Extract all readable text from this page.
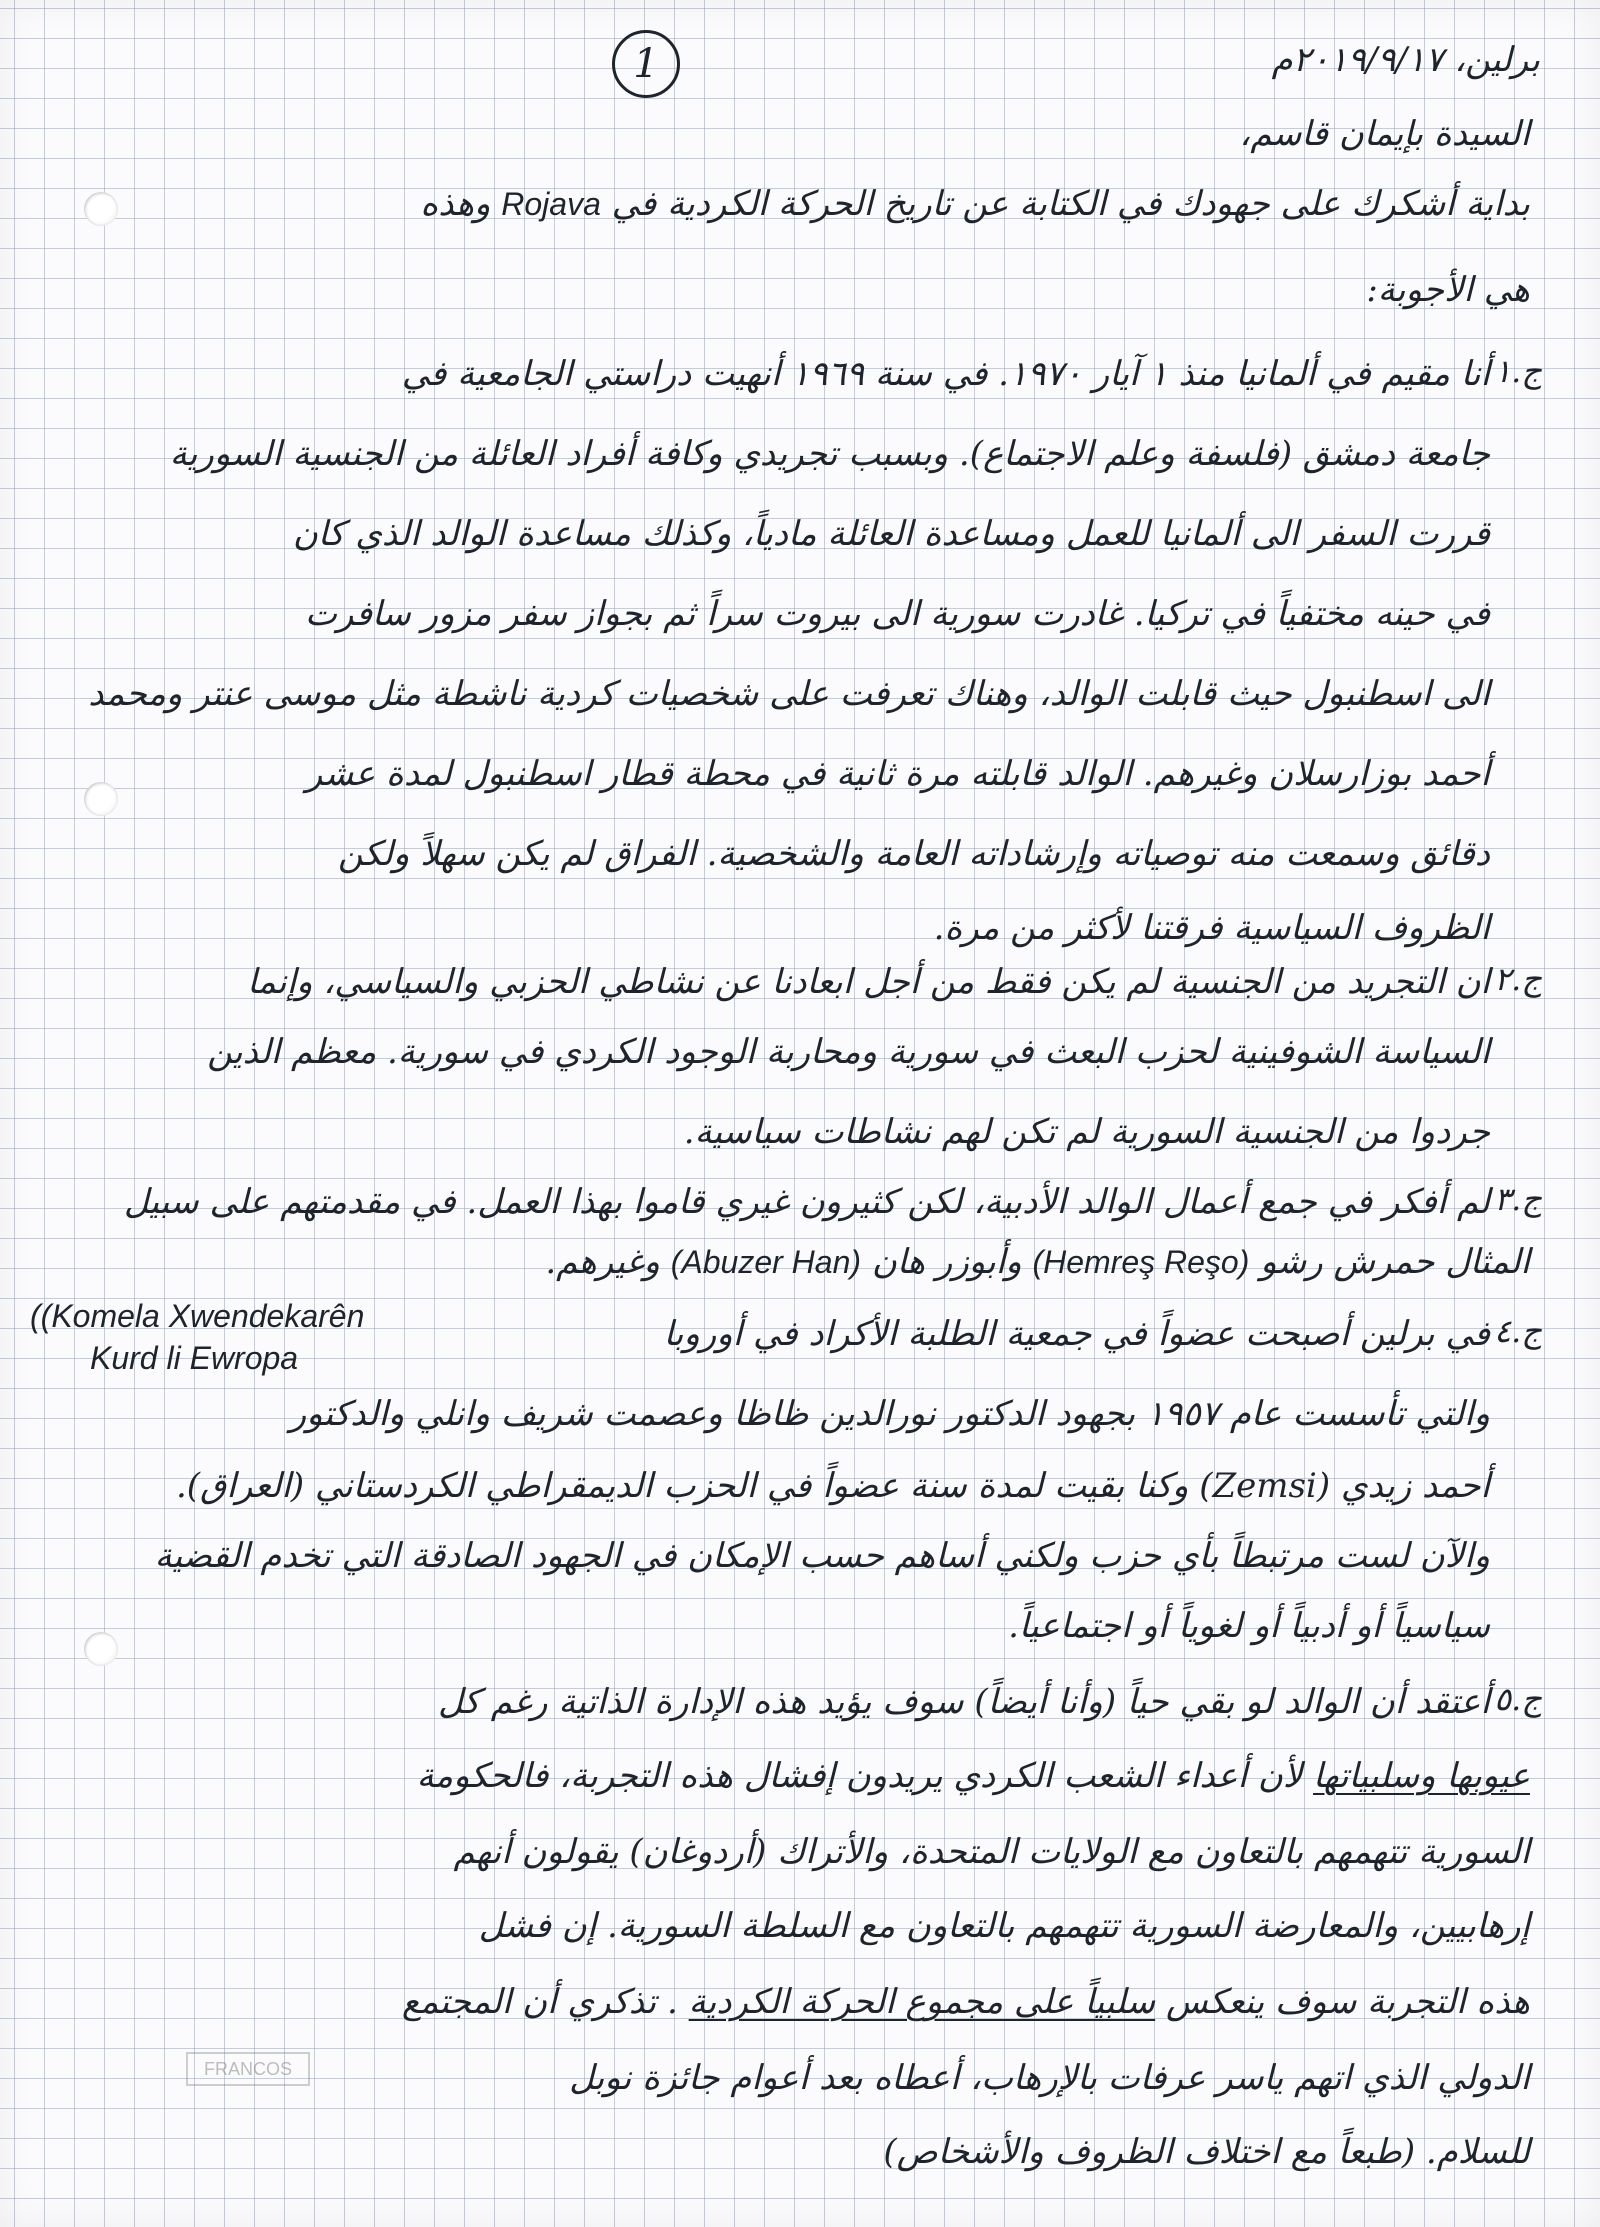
1	برلين، ٢٠١٩/٩/١٧م
السيدة بإيمان قاسم،
بداية أشكرك على جهودك في الكتابة عن تاريخ الحركة الكردية في Rojava وهذه
هي الأجوبة:
ج.١
أنا مقيم في ألمانيا منذ ١ آيار ١٩٧٠. في سنة ١٩٦٩ أنهيت دراستي الجامعية في
جامعة دمشق (فلسفة وعلم الاجتماع). وبسبب تجريدي وكافة أفراد العائلة من الجنسية السورية
قررت السفر الى ألمانيا للعمل ومساعدة العائلة مادياً، وكذلك مساعدة الوالد الذي كان
في حينه مختفياً في تركيا. غادرت سورية الى بيروت سراً ثم بجواز سفر مزور سافرت
الى اسطنبول حيث قابلت الوالد، وهناك تعرفت على شخصيات كردية ناشطة مثل موسى عنتر ومحمد
أحمد بوزارسلان وغيرهم. الوالد قابلته مرة ثانية في محطة قطار اسطنبول لمدة عشر
دقائق وسمعت منه توصياته وإرشاداته العامة والشخصية. الفراق لم يكن سهلاً ولكن
الظروف السياسية فرقتنا لأكثر من مرة.
ج.٢
ان التجريد من الجنسية لم يكن فقط من أجل ابعادنا عن نشاطي الحزبي والسياسي، وإنما
السياسة الشوفينية لحزب البعث في سورية ومحاربة الوجود الكردي في سورية. معظم الذين
جردوا من الجنسية السورية لم تكن لهم نشاطات سياسية.
ج.٣
لم أفكر في جمع أعمال الوالد الأدبية، لكن كثيرون غيري قاموا بهذا العمل. في مقدمتهم على سبيل
المثال حمرش رشو (Hemreş Reşo) وأبوزر هان (Abuzer Han) وغيرهم.
ج.٤
في برلين أصبحت عضواً في جمعية الطلبة الأكراد في أوروبا
((Komela Xwendekarên
Kurd li Ewropa
والتي تأسست عام ١٩٥٧ بجهود الدكتور نورالدين ظاظا وعصمت شريف وانلي والدكتور
أحمد زيدي (Zemsi) وكنا بقيت لمدة سنة عضواً في الحزب الديمقراطي الكردستاني (العراق).
والآن لست مرتبطاً بأي حزب ولكني أساهم حسب الإمكان في الجهود الصادقة التي تخدم القضية
سياسياً أو أدبياً أو لغوياً أو اجتماعياً.
ج.٥
أعتقد أن الوالد لو بقي حياً (وأنا أيضاً) سوف يؤيد هذه الإدارة الذاتية رغم كل
عيوبها وسلبياتها لأن أعداء الشعب الكردي يريدون إفشال هذه التجربة، فالحكومة
السورية تتهمهم بالتعاون مع الولايات المتحدة، والأتراك (أردوغان) يقولون أنهم
إرهابيين، والمعارضة السورية تتهمهم بالتعاون مع السلطة السورية. إن فشل
هذه التجربة سوف ينعكس سلبياً على مجموع الحركة الكردية . تذكري أن المجتمع
الدولي الذي اتهم ياسر عرفات بالإرهاب، أعطاه بعد أعوام جائزة نوبل
للسلام. (طبعاً مع اختلاف الظروف والأشخاص)
FRANCOS
